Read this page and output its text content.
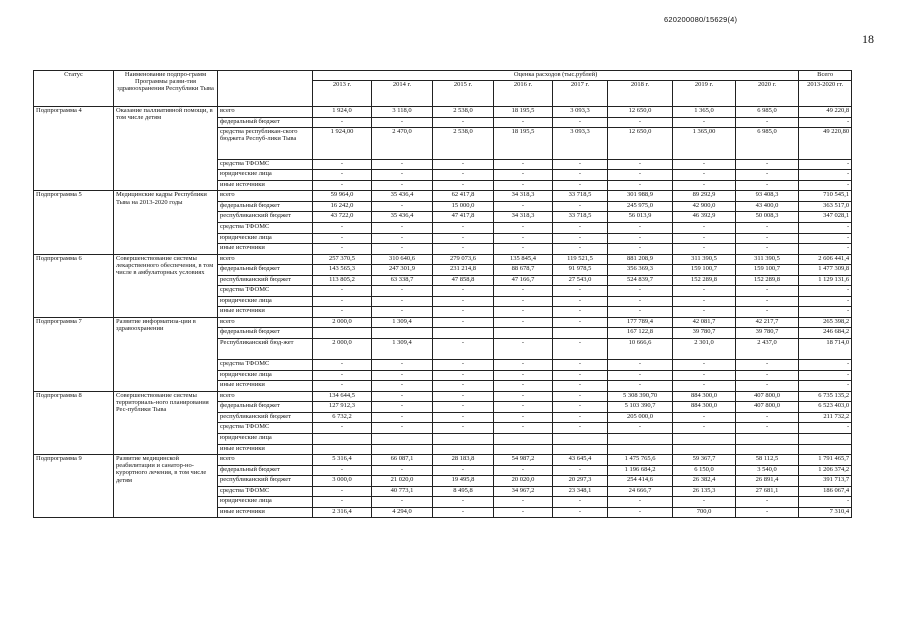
620200080/15629(4)
18
Статус	Наименование подпро-грамм Программы разви-тия здравоохранения Республики Тыва		Оценка расходов (тыс.рублей)								Всего
			2013 г.	2014 г.	2015 г.	2016 г.	2017 г.	2018 г.	2019 г.	2020 г.	2013-2020 гг.
Подпрограмма 4	Оказание паллиативной помощи, в том числе детям	всего	1 924,0	3 118,0	2 538,0	18 195,5	3 093,3	12 650,0	1 365,0	6 985,0	49 220,8
		федеральный бюджет	-	-	-	-	-	-	-	-	-
		средства республикан-ского бюджета Респуб-лики Тыва	1 924,00	2 470,0	2 538,0	18 195,5	3 093,3	12 650,0	1 365,00	6 985,0	49 220,80
		средства ТФОМС	-	-	-	-	-	-	-	-	-
		юридические лица	-	-	-	-	-	-	-	-	-
		иные источники	-	-	-	-	-	-	-	-	-
Подпрограмма 5	Медицинские кадры Республики Тыва на 2013-2020 годы	всего	59 964,0	35 436,4	62 417,8	34 318,3	33 718,5	301 988,9	89 292,9	93 408,3	710 545,1
		федеральный бюджет	16 242,0	-	15 000,0	-	-	245 975,0	42 900,0	43 400,0	363 517,0
		республиканский бюджет	43 722,0	35 436,4	47 417,8	34 318,3	33 718,5	56 013,9	46 392,9	50 008,3	347 028,1
		средства ТФОМС	-	-	-	-	-	-	-	-	-
		юридические лица	-	-	-	-	-	-	-	-	-
		иные источники	-	-	-	-	-	-	-	-	-
Подпрограмма 6	Совершенствование системы лекарственного обеспечения, в том числе в амбулаторных условиях	всего	257 370,5	310 640,6	279 073,6	135 845,4	119 521,5	881 208,9	311 390,5	311 390,5	2 606 441,4
		федеральный бюджет	143 565,3	247 301,9	231 214,8	88 678,7	91 978,5	356 369,3	159 100,7	159 100,7	1 477 309,8
		республиканский бюджет	113 805,2	63 338,7	47 858,8	47 166,7	27 543,0	524 839,7	152 289,8	152 289,8	1 129 131,6
		средства ТФОМС	-	-	-	-	-	-	-	-	-
		юридические лица	-	-	-	-	-	-	-	-	-
		иные источники	-	-	-	-	-	-	-	-	-
Подпрограмма 7	Развитие информатиза-ции в здравоохранении	всего	2 000,0	1 309,4	-	-	-	177 789,4	42 081,7	42 217,7	265 398,2
		федеральный бюджет						167 122,8	39 780,7	39 780,7	246 684,2
		Республиканский бюд-жет	2 000,0	1 309,4	-	-	-	10 666,6	2 301,0	2 437,0	18 714,0
		средства ТФОМС	-	-	-	-	-	-	-	-	-
		юридические лица	-	-	-	-	-	-	-	-	-
		иные источники	-	-	-	-	-	-	-	-	-
Подпрограмма 8	Совершенствование системы территориаль-ного планирования Рес-публики Тыва	всего	134 644,5	-	-	-	-	5 308 390,70	884 300,0	407 800,0	6 735 135,2
		федеральный бюджет	127 912,3	-	-	-	-	5 103 390,7	884 300,0	407 800,0	6 523 403,0
		республиканский бюджет	6 732,2	-	-	-	-	205 000,0	-	-	211 732,2
		средства ТФОМС	-	-	-	-	-	-	-	-	-
		юридические лица									
		иные источники									
Подпрограмма 9	Развитие медицинской реабилитации и санатор-но-курортного лечения, в том числе детям	всего	5 316,4	66 087,1	28 183,8	54 987,2	43 645,4	1 475 765,6	59 367,7	58 112,5	1 791 465,7
		федеральный бюджет	-	-	-	-	-	1 196 684,2	6 150,0	3 540,0	1 206 374,2
		республиканский бюджет	3 000,0	21 020,0	19 495,8	20 020,0	20 297,3	254 414,6	26 382,4	26 891,4	391 713,7
		средства ТФОМС	-	40 773,1	8 495,8	34 967,2	23 348,1	24 666,7	26 135,3	27 681,1	186 067,4
		юридические лица	-	-	-	-	-	-	-	-	-
		иные источники	2 316,4	4 294,0	-	-	-	-	700,0	-	7 310,4
